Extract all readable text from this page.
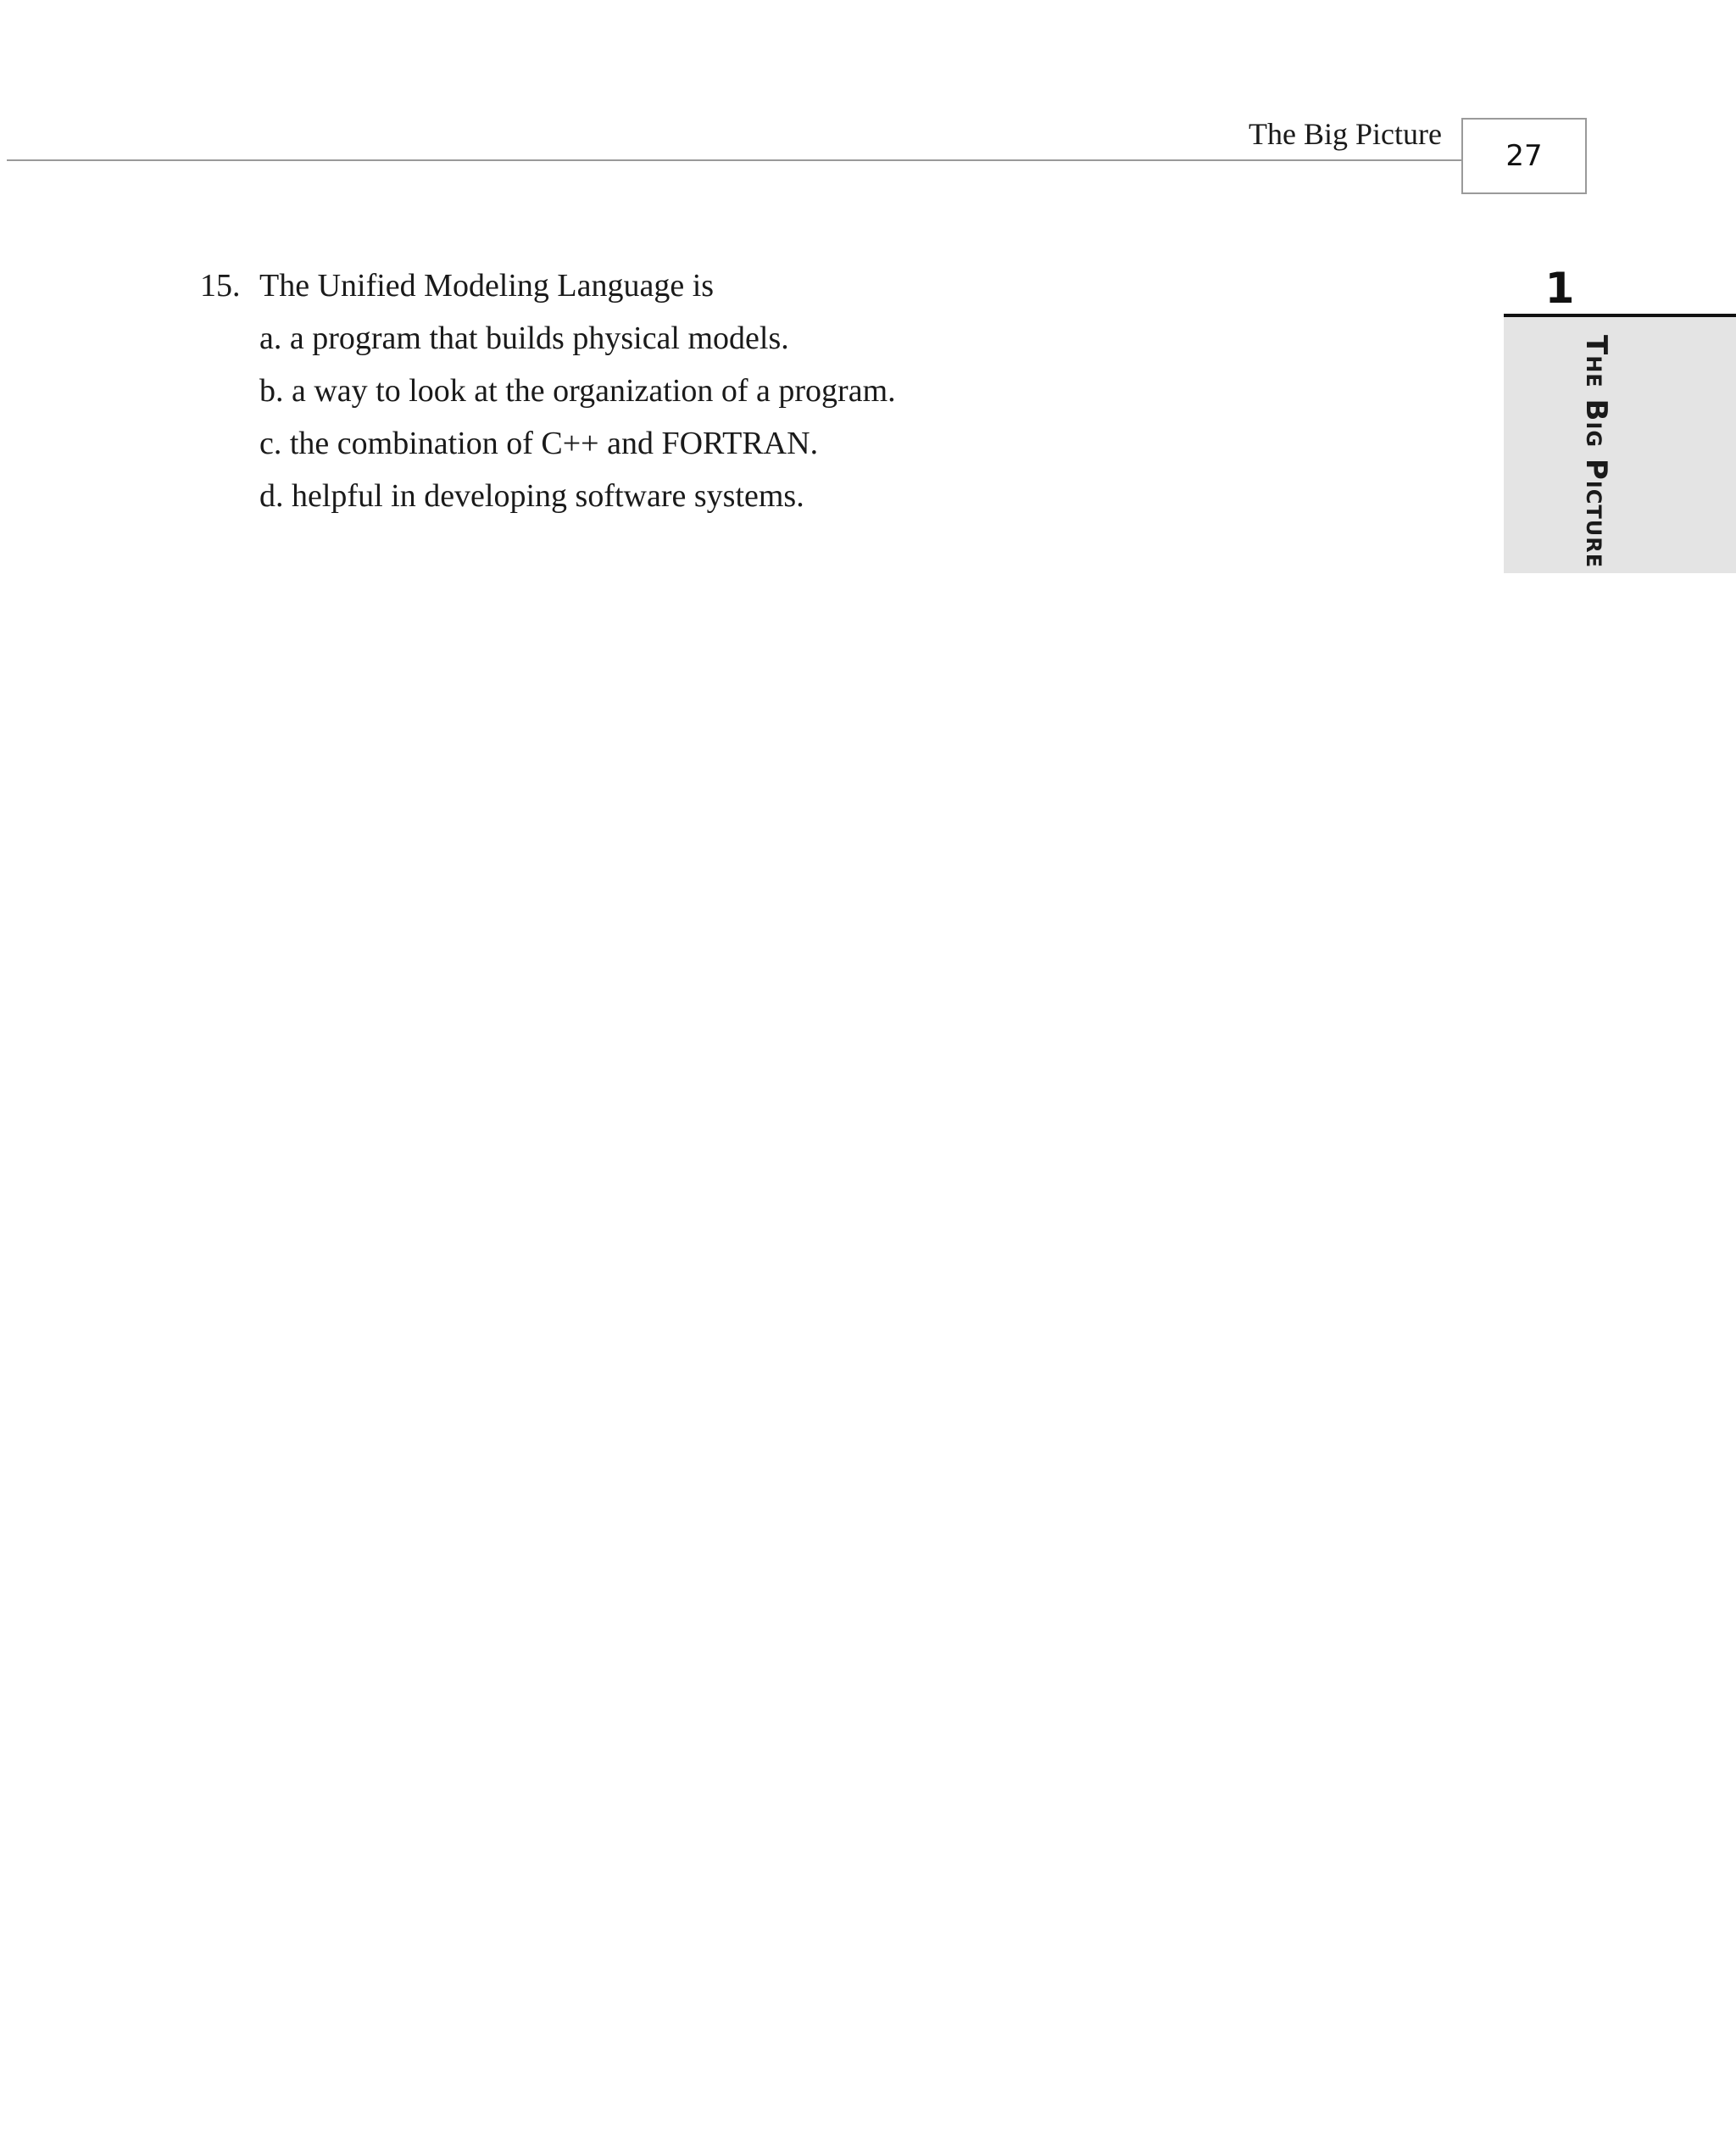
The Big Picture
27
1
The Big Picture
15. The Unified Modeling Language is
a. a program that builds physical models.
b. a way to look at the organization of a program.
c. the combination of C++ and FORTRAN.
d. helpful in developing software systems.
